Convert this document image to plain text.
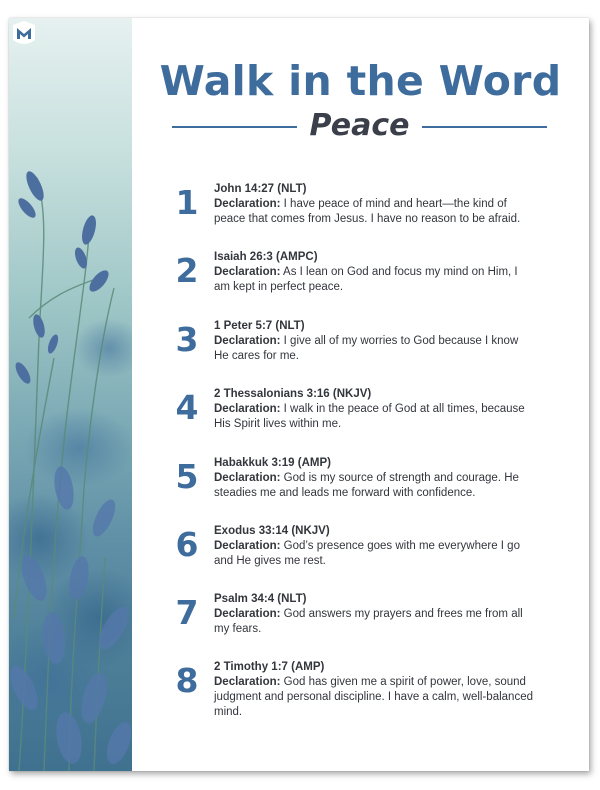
Walk in the Word
Peace
1	John 14:27 (NLT)
Declaration: I have peace of mind and heart—the kind of peace that comes from Jesus. I have no reason to be afraid.
2	Isaiah 26:3 (AMPC)
Declaration: As I lean on God and focus my mind on Him, I am kept in perfect peace.
3	1 Peter 5:7 (NLT)
Declaration: I give all of my worries to God because I know He cares for me.
4	2 Thessalonians 3:16 (NKJV)
Declaration: I walk in the peace of God at all times, because His Spirit lives within me.
5	Habakkuk 3:19 (AMP)
Declaration: God is my source of strength and courage. He steadies me and leads me forward with confidence.
6	Exodus 33:14 (NKJV)
Declaration: God’s presence goes with me everywhere I go and He gives me rest.
7	Psalm 34:4 (NLT)
Declaration: God answers my prayers and frees me from all my fears.
8	2 Timothy 1:7 (AMP)
Declaration: God has given me a spirit of power, love, sound judgment and personal discipline. I have a calm, well-balanced mind.
